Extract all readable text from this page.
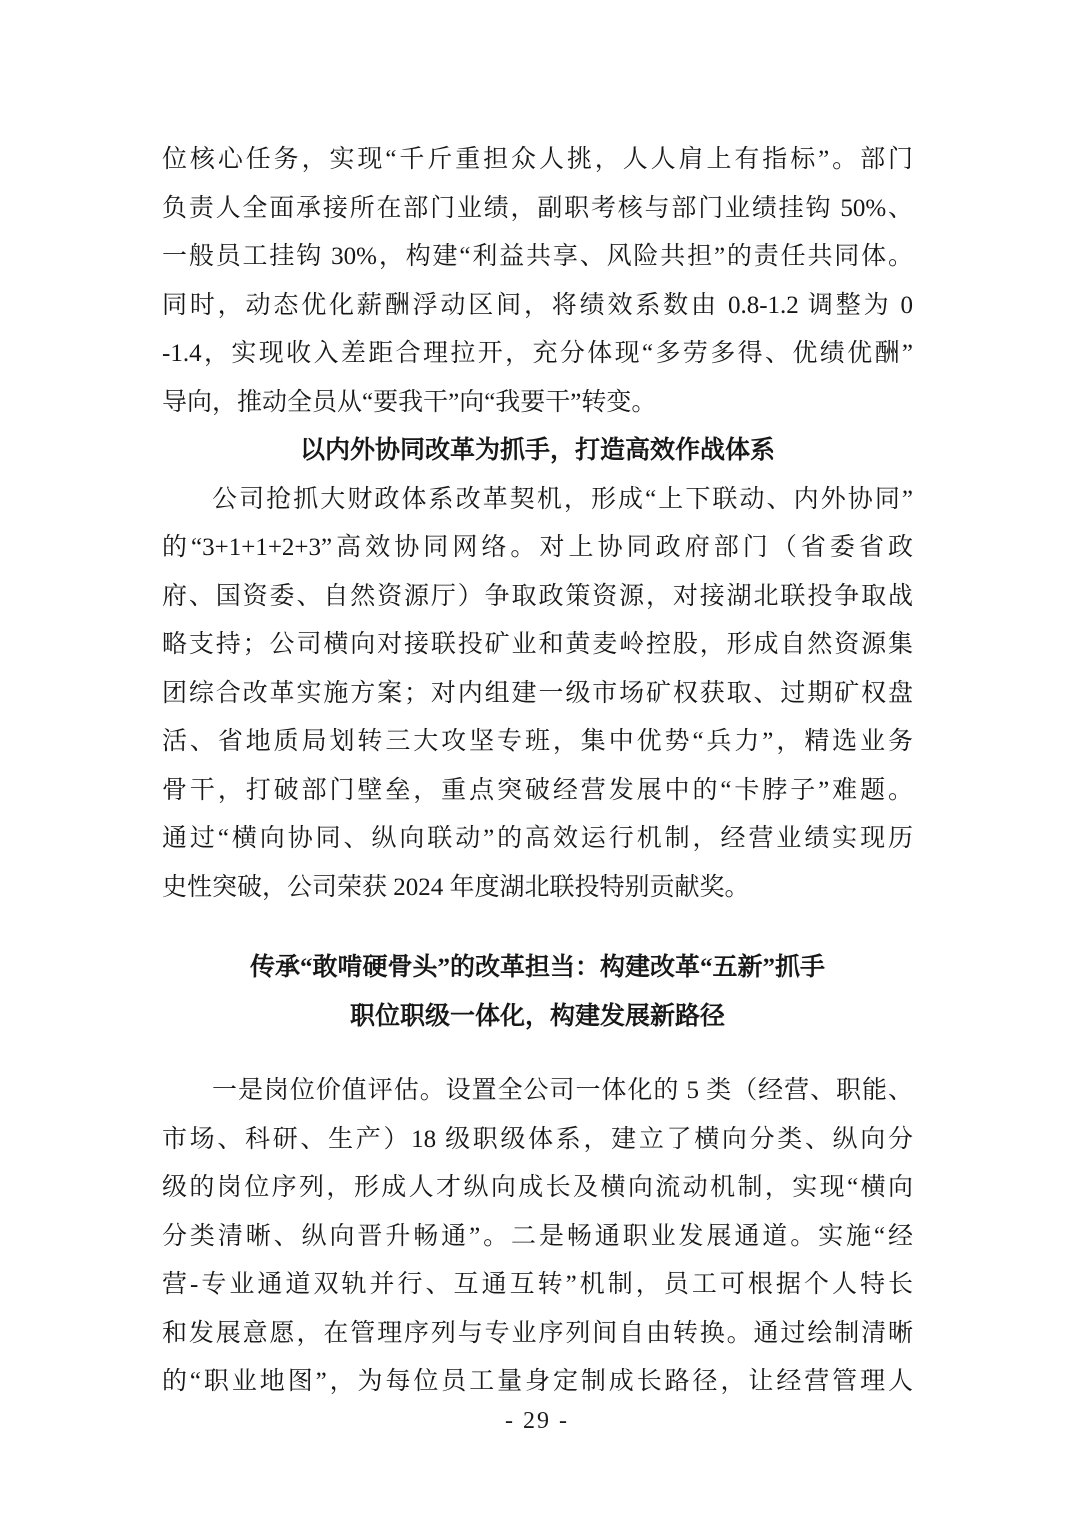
位核心任务，实现“千斤重担众人挑，人人肩上有指标”。部门
负责人全面承接所在部门业绩，副职考核与部门业绩挂钩 50%、
一般员工挂钩 30%，构建“利益共享、风险共担”的责任共同体。
同时，动态优化薪酬浮动区间，将绩效系数由 0.8-1.2 调整为 0
-1.4，实现收入差距合理拉开，充分体现“多劳多得、优绩优酬”
导向，推动全员从“要我干”向“我要干”转变。
以内外协同改革为抓手，打造高效作战体系
公司抢抓大财政体系改革契机，形成“上下联动、内外协同”
的“3+1+1+2+3”高效协同网络。对上协同政府部门（省委省政
府、国资委、自然资源厅）争取政策资源，对接湖北联投争取战
略支持；公司横向对接联投矿业和黄麦岭控股，形成自然资源集
团综合改革实施方案；对内组建一级市场矿权获取、过期矿权盘
活、省地质局划转三大攻坚专班，集中优势“兵力”，精选业务
骨干，打破部门壁垒，重点突破经营发展中的“卡脖子”难题。
通过“横向协同、纵向联动”的高效运行机制，经营业绩实现历
史性突破，公司荣获 2024 年度湖北联投特别贡献奖。
传承“敢啃硬骨头”的改革担当：构建改革“五新”抓手
职位职级一体化，构建发展新路径
一是岗位价值评估。设置全公司一体化的 5 类（经营、职能、
市场、科研、生产）18 级职级体系，建立了横向分类、纵向分
级的岗位序列，形成人才纵向成长及横向流动机制，实现“横向
分类清晰、纵向晋升畅通”。二是畅通职业发展通道。实施“经
营-专业通道双轨并行、互通互转”机制，员工可根据个人特长
和发展意愿，在管理序列与专业序列间自由转换。通过绘制清晰
的“职业地图”，为每位员工量身定制成长路径，让经营管理人
- 29 -
